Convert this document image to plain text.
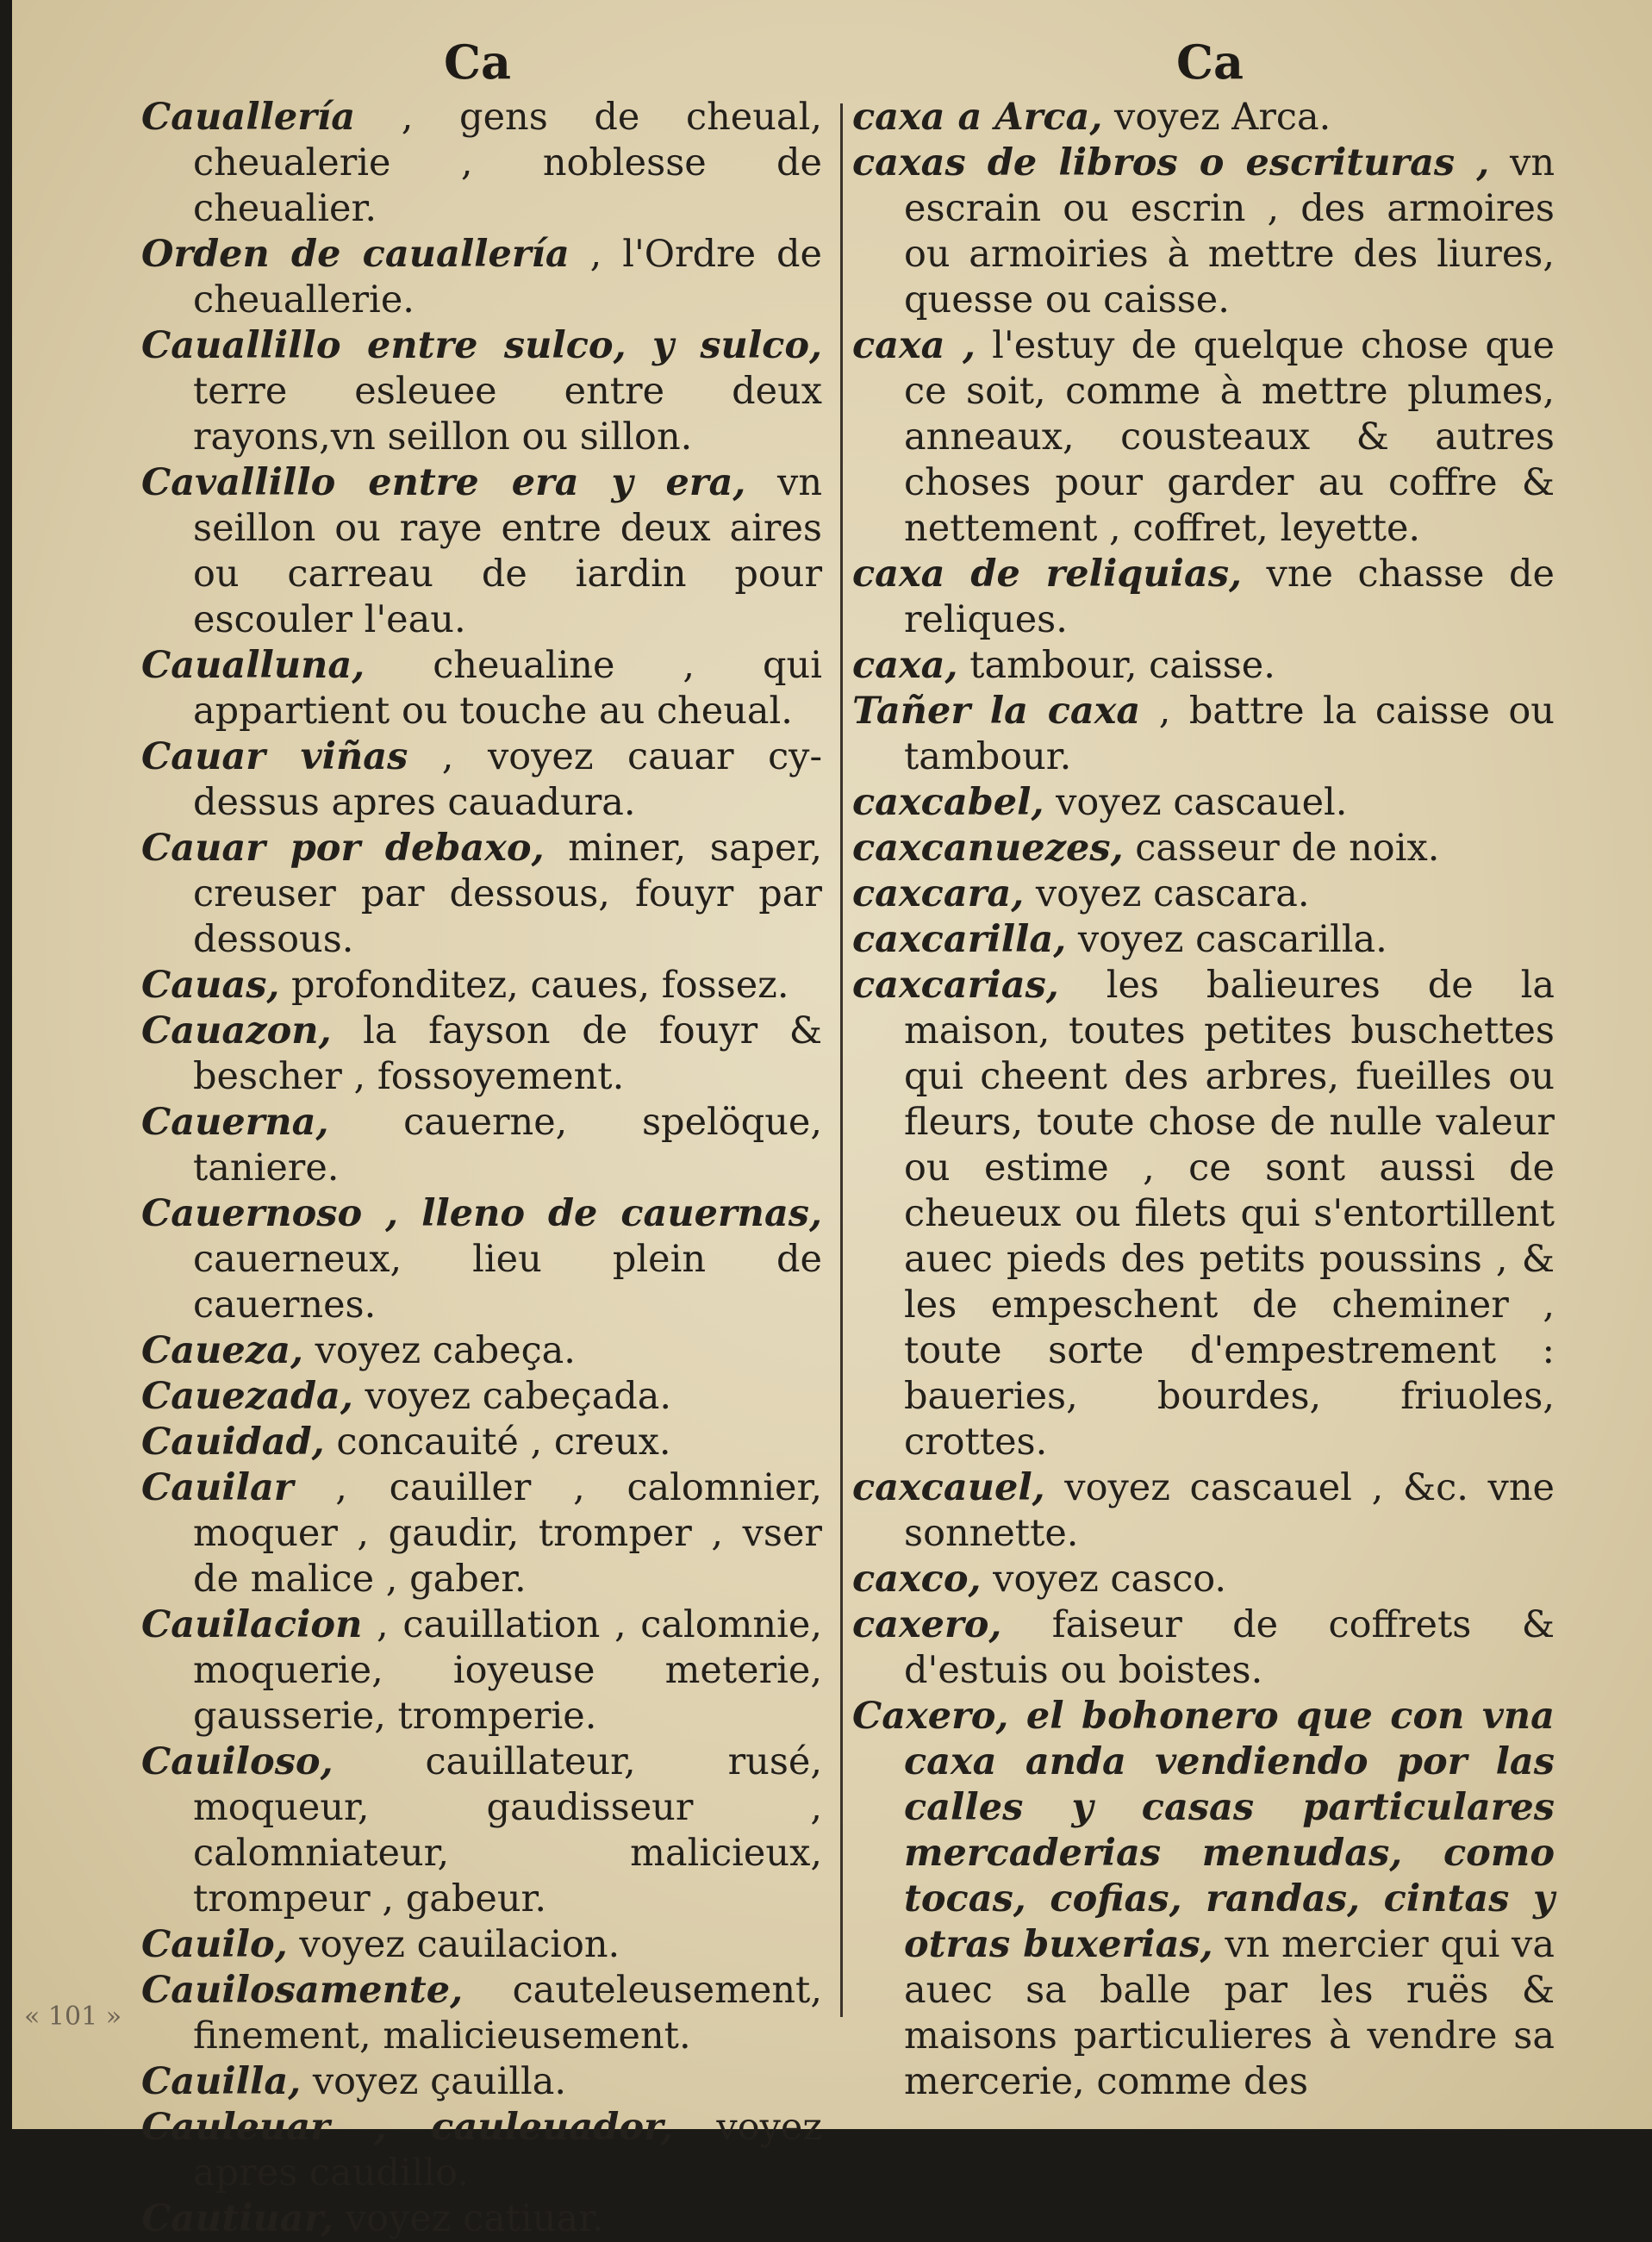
Ca	Ca

Cauallería , gens de cheual, cheualerie , noblesse de cheualier.

Orden de cauallería , l'Ordre de cheuallerie.

Cauallillo entre sulco, y sulco, terre esleuee entre deux rayons,vn seillon ou sillon.

Cavallillo entre era y era, vn seillon ou raye entre deux aires ou carreau de iardin pour escouler l'eau.

Caualluna, cheualine , qui appartient ou touche au cheual.

Cauar viñas , voyez cauar cy-dessus apres cauadura.

Cauar por debaxo, miner, saper, creuser par dessous, fouyr par dessous.

Cauas, profonditez, caues, fossez.

Cauazon, la fayson de fouyr & bescher , fossoyement.

Cauerna, cauerne, spelöque, taniere.

Cauernoso , lleno de cauernas, cauerneux, lieu plein de cauernes.

Caueza, voyez cabeça.

Cauezada, voyez cabeçada.

Cauidad, concauité , creux.

Cauilar , cauiller , calomnier, moquer , gaudir, tromper , vser de malice , gaber.

Cauilacion , cauillation , calomnie, moquerie, ioyeuse meterie, gausserie, tromperie.

Cauiloso, cauillateur, rusé, moqueur, gaudisseur , calomniateur, malicieux, trompeur , gabeur.

Cauilo, voyez cauilacion.

Cauilosamente, cauteleusement, finement, malicieusement.

Cauilla, voyez çauilla.

Cauleuar , cauleuador, voyez apres caudillo.

Cautiuar, voyez catiuar.

caxa a Arca, voyez Arca.

caxas de libros o escrituras , vn escrain ou escrin , des armoires ou armoiries à mettre des liures, quesse ou caisse.

caxa , l'estuy de quelque chose que ce soit, comme à mettre plumes, anneaux, cousteaux & autres choses pour garder au coffre & nettement , coffret, leyette.

caxa de reliquias, vne chasse de reliques.

caxa, tambour, caisse.

Tañer la caxa , battre la caisse ou tambour.

caxcabel, voyez cascauel.

caxcanuezes, casseur de noix.

caxcara, voyez cascara.

caxcarilla, voyez cascarilla.

caxcarias, les balieures de la maison, toutes petites buschettes qui cheent des arbres, fueilles ou fleurs, toute chose de nulle valeur ou estime , ce sont aussi de cheueux ou filets qui s'entortillent auec pieds des petits poussins , & les empeschent de cheminer , toute sorte d'empestrement : baueries, bourdes, friuoles, crottes.

caxcauel, voyez cascauel , &c. vne sonnette.

caxco, voyez casco.

caxero, faiseur de coffrets & d'estuis ou boistes.

Caxero, el bohonero que con vna caxa anda vendiendo por las calles y casas particulares mercaderias menudas, como tocas, cofias, randas, cintas y otras buxerias, vn mercier qui va auec sa balle par les ruës & maisons particulieres à vendre sa mercerie, comme des

« 101 »
